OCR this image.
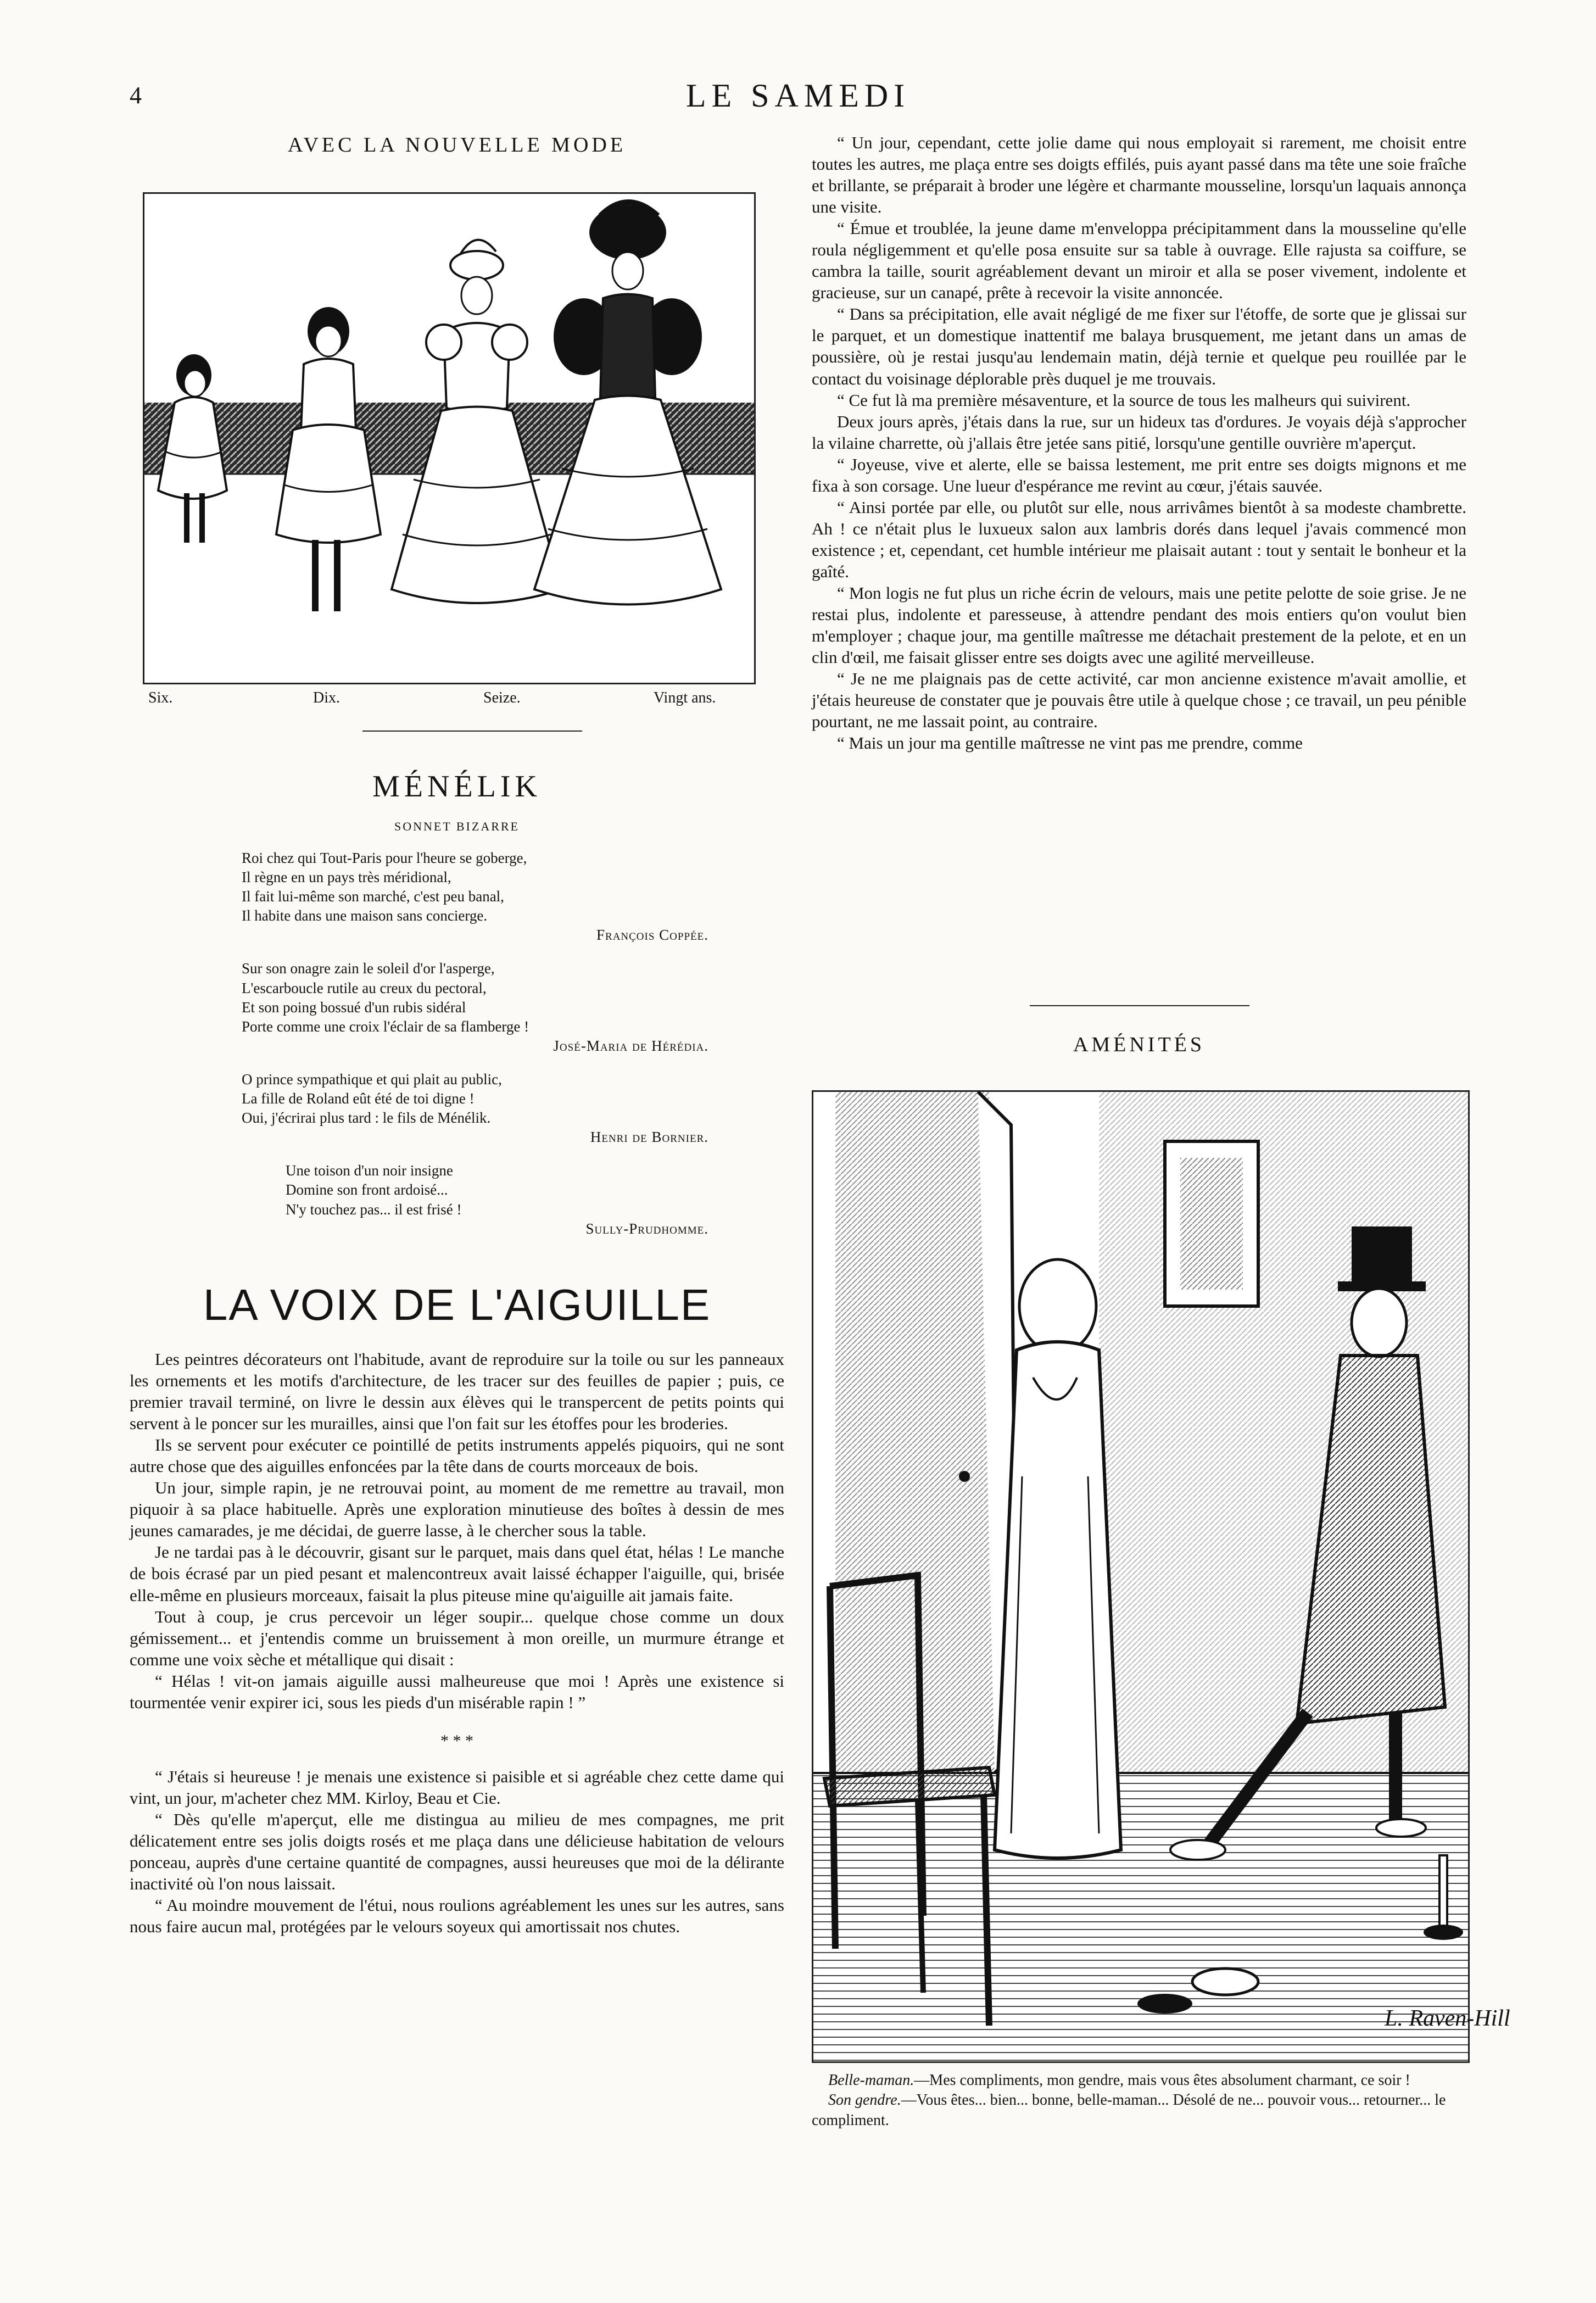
4	LE SAMEDI
AVEC LA NOUVELLE MODE
Six.	Dix.	Seize.	Vingt ans.
MÉNÉLIK
SONNET BIZARRE
Roi chez qui Tout-Paris pour l'heure se goberge,
Il règne en un pays très méridional,
Il fait lui-même son marché, c'est peu banal,
Il habite dans une maison sans concierge.
François Coppée.
Sur son onagre zain le soleil d'or l'asperge,
L'escarboucle rutile au creux du pectoral,
Et son poing bossué d'un rubis sidéral
Porte comme une croix l'éclair de sa flamberge !
José-Maria de Hérédia.
O prince sympathique et qui plait au public,
La fille de Roland eût été de toi digne !
Oui, j'écrirai plus tard : le fils de Ménélik.
Henri de Bornier.
Une toison d'un noir insigne
Domine son front ardoisé...
N'y touchez pas... il est frisé !
Sully-Prudhomme.
LA VOIX DE L'AIGUILLE

Les peintres décorateurs ont l'habitude, avant de reproduire sur la toile ou sur les panneaux les ornements et les motifs d'architecture, de les tracer sur des feuilles de papier ; puis, ce premier travail terminé, on livre le dessin aux élèves qui le transpercent de petits points qui servent à le poncer sur les murailles, ainsi que l'on fait sur les étoffes pour les broderies.

Ils se servent pour exécuter ce pointillé de petits instruments appelés piquoirs, qui ne sont autre chose que des aiguilles enfoncées par la tête dans de courts morceaux de bois.

Un jour, simple rapin, je ne retrouvai point, au moment de me remettre au travail, mon piquoir à sa place habituelle. Après une exploration minutieuse des boîtes à dessin de mes jeunes camarades, je me décidai, de guerre lasse, à le chercher sous la table.

Je ne tardai pas à le découvrir, gisant sur le parquet, mais dans quel état, hélas ! Le manche de bois écrasé par un pied pesant et malencontreux avait laissé échapper l'aiguille, qui, brisée elle-même en plusieurs morceaux, faisait la plus piteuse mine qu'aiguille ait jamais faite.

Tout à coup, je crus percevoir un léger soupir... quelque chose comme un doux gémissement... et j'entendis comme un bruissement à mon oreille, un murmure étrange et comme une voix sèche et métallique qui disait :

“ Hélas ! vit-on jamais aiguille aussi malheureuse que moi ! Après une existence si tourmentée venir expirer ici, sous les pieds d'un misérable rapin ! ”

* * *

“ J'étais si heureuse ! je menais une existence si paisible et si agréable chez cette dame qui vint, un jour, m'acheter chez MM. Kirloy, Beau et Cie.

“ Dès qu'elle m'aperçut, elle me distingua au milieu de mes compagnes, me prit délicatement entre ses jolis doigts rosés et me plaça dans une délicieuse habitation de velours ponceau, auprès d'une certaine quantité de compagnes, aussi heureuses que moi de la délirante inactivité où l'on nous laissait.

“ Au moindre mouvement de l'étui, nous roulions agréablement les unes sur les autres, sans nous faire aucun mal, protégées par le velours soyeux qui amortissait nos chutes.

“ Un jour, cependant, cette jolie dame qui nous employait si rarement, me choisit entre toutes les autres, me plaça entre ses doigts effilés, puis ayant passé dans ma tête une soie fraîche et brillante, se préparait à broder une légère et charmante mousseline, lorsqu'un laquais annonça une visite.

“ Émue et troublée, la jeune dame m'enveloppa précipitamment dans la mousseline qu'elle roula négligemment et qu'elle posa ensuite sur sa table à ouvrage. Elle rajusta sa coiffure, se cambra la taille, sourit agréablement devant un miroir et alla se poser vivement, indolente et gracieuse, sur un canapé, prête à recevoir la visite annoncée.

“ Dans sa précipitation, elle avait négligé de me fixer sur l'étoffe, de sorte que je glissai sur le parquet, et un domestique inattentif me balaya brusquement, me jetant dans un amas de poussière, où je restai jusqu'au lendemain matin, déjà ternie et quelque peu rouillée par le contact du voisinage déplorable près duquel je me trouvais.

“ Ce fut là ma première mésaventure, et la source de tous les malheurs qui suivirent.

Deux jours après, j'étais dans la rue, sur un hideux tas d'ordures. Je voyais déjà s'approcher la vilaine charrette, où j'allais être jetée sans pitié, lorsqu'une gentille ouvrière m'aperçut.

“ Joyeuse, vive et alerte, elle se baissa lestement, me prit entre ses doigts mignons et me fixa à son corsage. Une lueur d'espérance me revint au cœur, j'étais sauvée.

“ Ainsi portée par elle, ou plutôt sur elle, nous arrivâmes bientôt à sa modeste chambrette. Ah ! ce n'était plus le luxueux salon aux lambris dorés dans lequel j'avais commencé mon existence ; et, cependant, cet humble intérieur me plaisait autant : tout y sentait le bonheur et la gaîté.

“ Mon logis ne fut plus un riche écrin de velours, mais une petite pelotte de soie grise. Je ne restai plus, indolente et paresseuse, à attendre pendant des mois entiers qu'on voulut bien m'employer ; chaque jour, ma gentille maîtresse me détachait prestement de la pelote, et en un clin d'œil, me faisait glisser entre ses doigts avec une agilité merveilleuse.

“ Je ne me plaignais pas de cette activité, car mon ancienne existence m'avait amollie, et j'étais heureuse de constater que je pouvais être utile à quelque chose ; ce travail, un peu pénible pourtant, ne me lassait point, au contraire.

“ Mais un jour ma gentille maîtresse ne vint pas me prendre, comme

AMÉNITÉS
L. Raven-Hill

Belle-maman.—Mes compliments, mon gendre, mais vous êtes absolument charmant, ce soir !

Son gendre.—Vous êtes... bien... bonne, belle-maman... Désolé de ne... pouvoir vous... retourner... le compliment.
